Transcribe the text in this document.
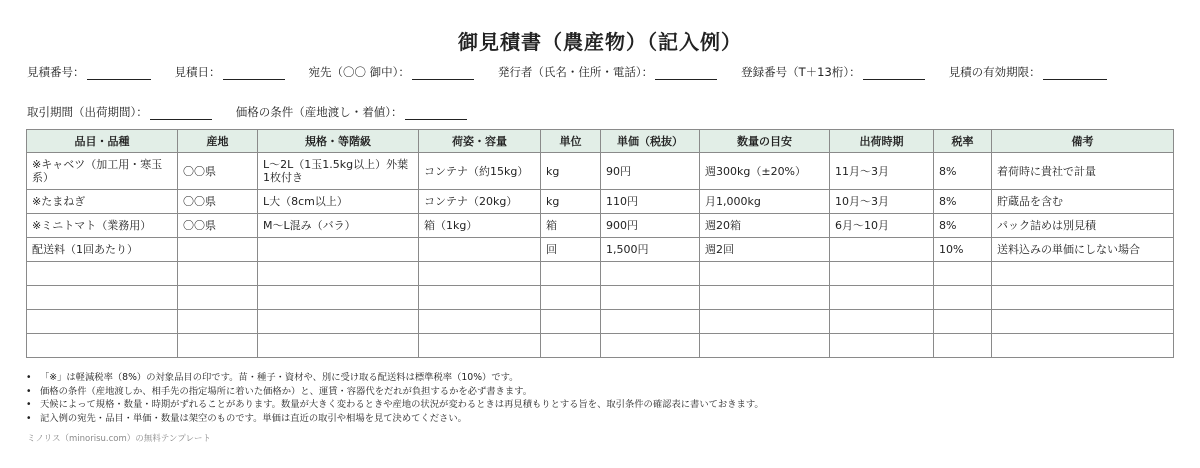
御見積書（農産物）（記入例）
見積番号：	見積日：	宛先（〇〇 御中）：	発行者（氏名・住所・電話）：	登録番号（T＋13桁）：	見積の有効期限：
取引期間（出荷期間）：	価格の条件（産地渡し・着値）：
品目・品種	産地	規格・等階級	荷姿・容量	単位	単価（税抜）	数量の目安	出荷時期	税率	備考
※キャベツ（加工用・寒玉系）	〇〇県	L〜2L（1玉1.5kg以上）外葉1枚付き	コンテナ（約15kg）	kg	90円	週300kg（±20%）	11月〜3月	8%	着荷時に貴社で計量
※たまねぎ	〇〇県	L大（8cm以上）	コンテナ（20kg）	kg	110円	月1,000kg	10月〜3月	8%	貯蔵品を含む
※ミニトマト（業務用）	〇〇県	M〜L混み（バラ）	箱（1kg）	箱	900円	週20箱	6月〜10月	8%	パック詰めは別見積
配送料（1回あたり）				回	1,500円	週2回		10%	送料込みの単価にしない場合

• 「※」は軽減税率（8%）の対象品目の印です。苗・種子・資材や、別に受け取る配送料は標準税率（10%）です。
• 価格の条件（産地渡しか、相手先の指定場所に着いた価格か）と、運賃・容器代をだれが負担するかを必ず書きます。
• 天候によって規格・数量・時期がずれることがあります。数量が大きく変わるときや産地の状況が変わるときは再見積もりとする旨を、取引条件の確認表に書いておきます。
• 記入例の宛先・品目・単価・数量は架空のものです。単価は直近の取引や相場を見て決めてください。
ミノリス（minorisu.com）の無料テンプレート
